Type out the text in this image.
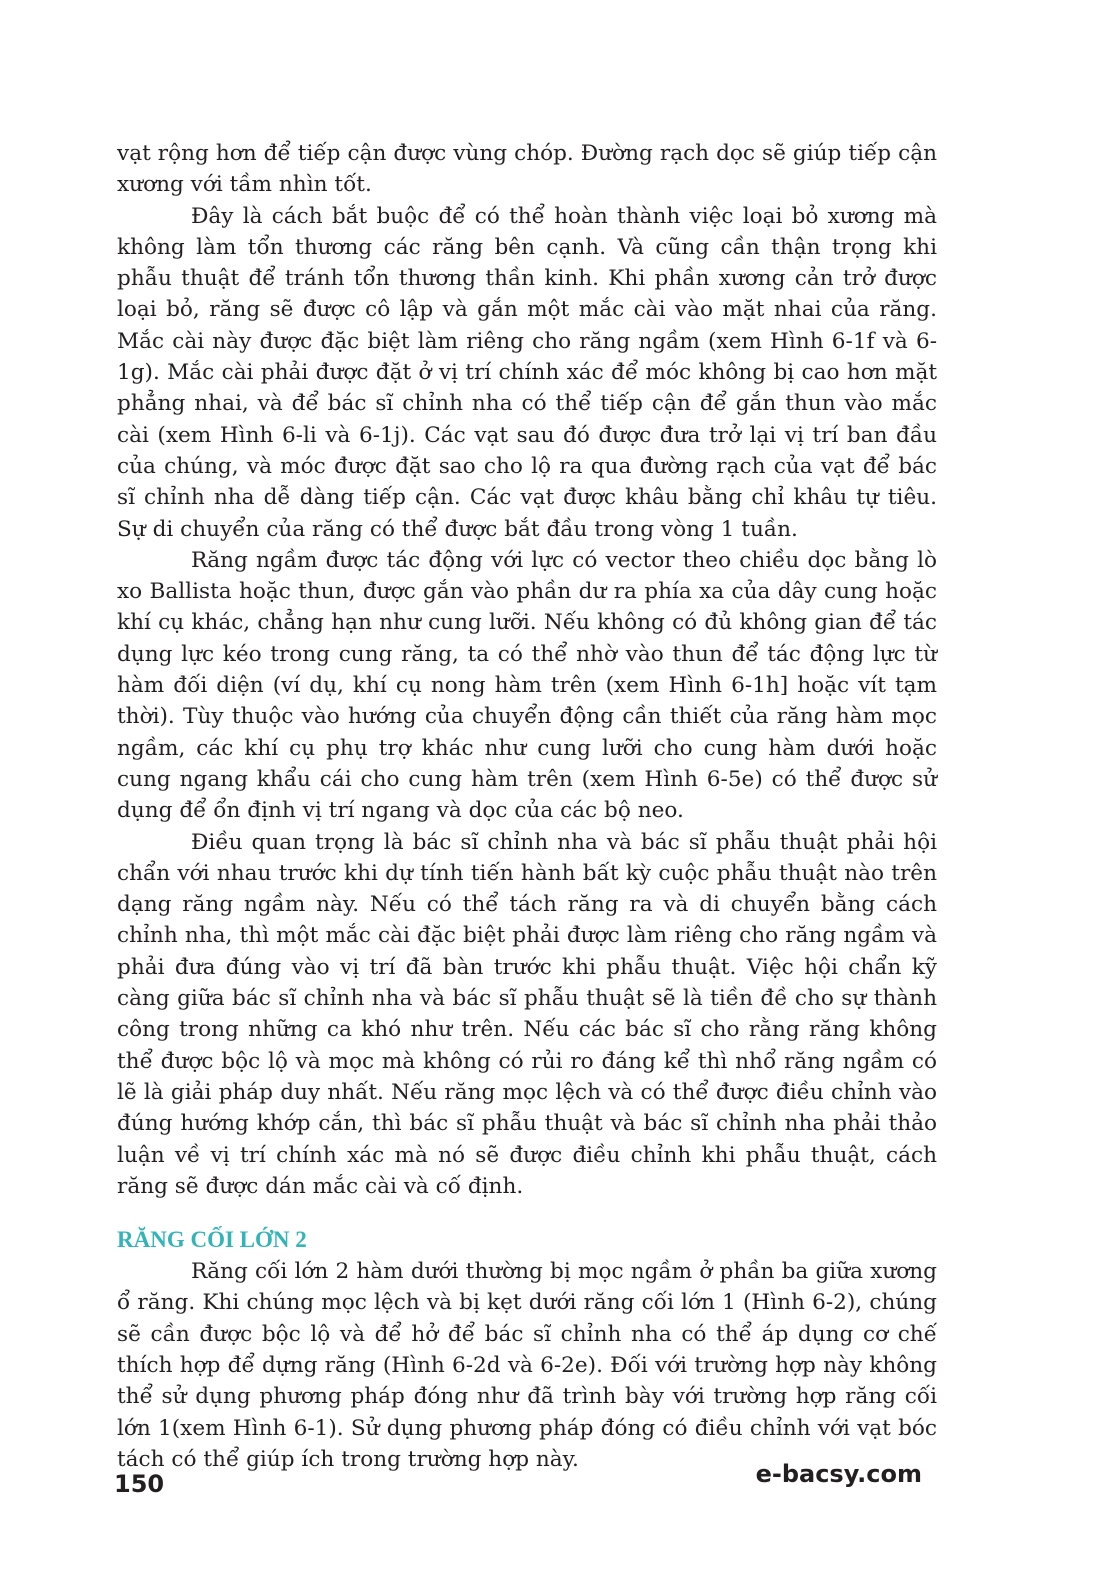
vạt rộng hơn để tiếp cận được vùng chóp. Đường rạch dọc sẽ giúp tiếp cận xương với tầm nhìn tốt.

Đây là cách bắt buộc để có thể hoàn thành việc loại bỏ xương mà không làm tổn thương các răng bên cạnh. Và cũng cần thận trọng khi phẫu thuật để tránh tổn thương thần kinh. Khi phần xương cản trở được loại bỏ, răng sẽ được cô lập và gắn một mắc cài vào mặt nhai của răng. Mắc cài này được đặc biệt làm riêng cho răng ngầm (xem Hình 6-1f và 6-1g). Mắc cài phải được đặt ở vị trí chính xác để móc không bị cao hơn mặt phẳng nhai, và để bác sĩ chỉnh nha có thể tiếp cận để gắn thun vào mắc cài (xem Hình 6-li và 6-1j). Các vạt sau đó được đưa trở lại vị trí ban đầu của chúng, và móc được đặt sao cho lộ ra qua đường rạch của vạt để bác sĩ chỉnh nha dễ dàng tiếp cận. Các vạt được khâu bằng chỉ khâu tự tiêu. Sự di chuyển của răng có thể được bắt đầu trong vòng 1 tuần.

Răng ngầm được tác động với lực có vector theo chiều dọc bằng lò xo Ballista hoặc thun, được gắn vào phần dư ra phía xa của dây cung hoặc khí cụ khác, chẳng hạn như cung lưỡi. Nếu không có đủ không gian để tác dụng lực kéo trong cung răng, ta có thể nhờ vào thun để tác động lực từ hàm đối diện (ví dụ, khí cụ nong hàm trên (xem Hình 6-1h] hoặc vít tạm thời). Tùy thuộc vào hướng của chuyển động cần thiết của răng hàm mọc ngầm, các khí cụ phụ trợ khác như cung lưỡi cho cung hàm dưới hoặc cung ngang khẩu cái cho cung hàm trên (xem Hình 6-5e) có thể được sử dụng để ổn định vị trí ngang và dọc của các bộ neo.

Điều quan trọng là bác sĩ chỉnh nha và bác sĩ phẫu thuật phải hội chẩn với nhau trước khi dự tính tiến hành bất kỳ cuộc phẫu thuật nào trên dạng răng ngầm này. Nếu có thể tách răng ra và di chuyển bằng cách chỉnh nha, thì một mắc cài đặc biệt phải được làm riêng cho răng ngầm và phải đưa đúng vào vị trí đã bàn trước khi phẫu thuật. Việc hội chẩn kỹ càng giữa bác sĩ chỉnh nha và bác sĩ phẫu thuật sẽ là tiền đề cho sự thành công trong những ca khó như trên. Nếu các bác sĩ cho rằng răng không thể được bộc lộ và mọc mà không có rủi ro đáng kể thì nhổ răng ngầm có lẽ là giải pháp duy nhất. Nếu răng mọc lệch và có thể được điều chỉnh vào đúng hướng khớp cắn, thì bác sĩ phẫu thuật và bác sĩ chỉnh nha phải thảo luận về vị trí chính xác mà nó sẽ được điều chỉnh khi phẫu thuật, cách răng sẽ được dán mắc cài và cố định.

RĂNG CỐI LỚN 2

Răng cối lớn 2 hàm dưới thường bị mọc ngầm ở phần ba giữa xương ổ răng. Khi chúng mọc lệch và bị kẹt dưới răng cối lớn 1 (Hình 6-2), chúng sẽ cần được bộc lộ và để hở để bác sĩ chỉnh nha có thể áp dụng cơ chế thích hợp để dựng răng (Hình 6-2d và 6-2e). Đối với trường hợp này không thể sử dụng phương pháp đóng như đã trình bày với trường hợp răng cối lớn 1(xem Hình 6-1). Sử dụng phương pháp đóng có điều chỉnh với vạt bóc tách có thể giúp ích trong trường hợp này.

150	e-bacsy.com
